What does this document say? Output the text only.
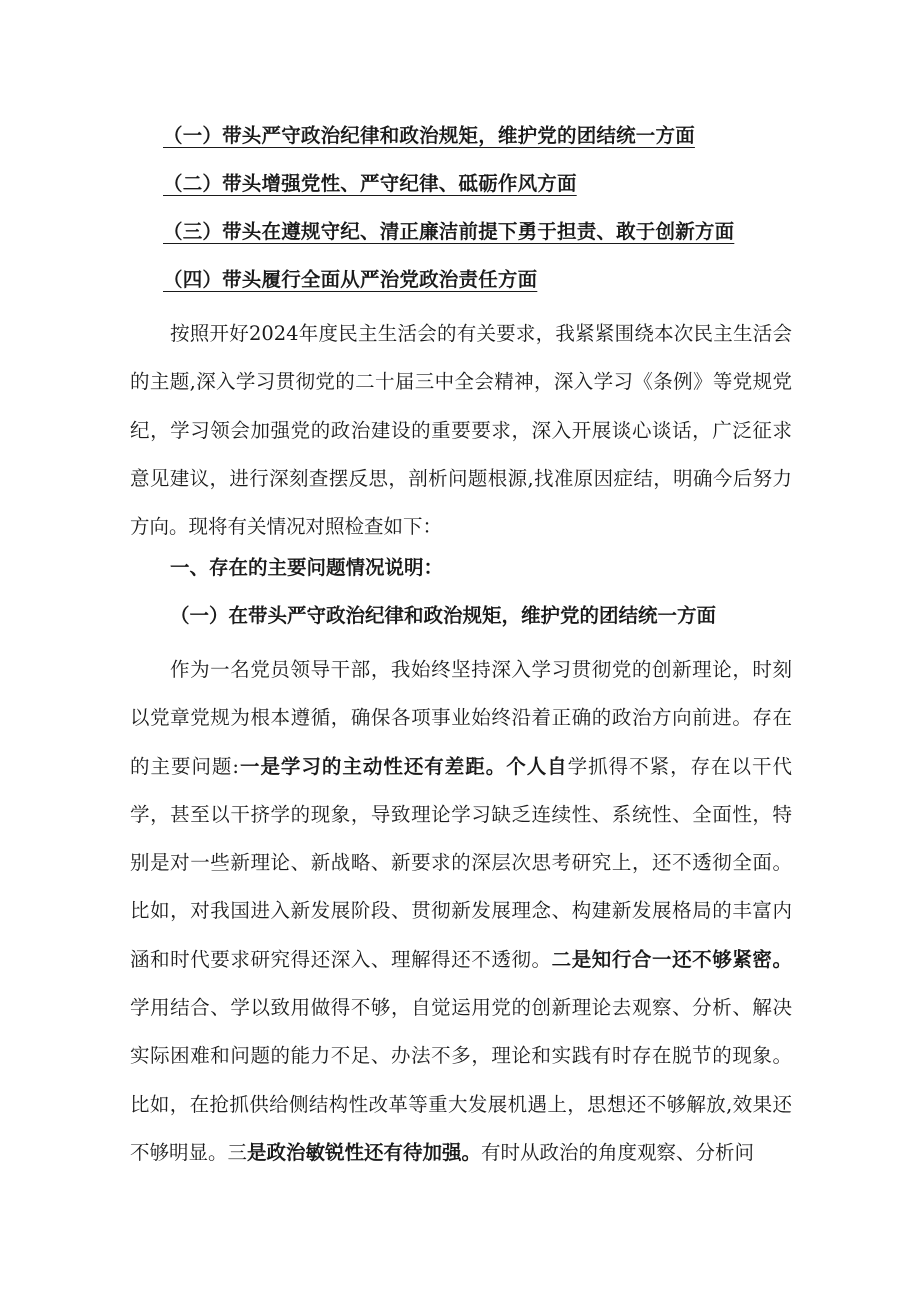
（一）带头严守政治纪律和政治规矩，维护党的团结统一方面
（二）带头增强党性、严守纪律、砥砺作风方面
（三）带头在遵规守纪、清正廉洁前提下勇于担责、敢于创新方面
（四）带头履行全面从严治党政治责任方面
按照开好2024年度民主生活会的有关要求，我紧紧围绕本次民主生活会的主题,深入学习贯彻党的二十届三中全会精神，深入学习《条例》等党规党纪，学习领会加强党的政治建设的重要要求，深入开展谈心谈话，广泛征求意见建议，进行深刻查摆反思，剖析问题根源,找准原因症结，明确今后努力方向。现将有关情况对照检查如下：
一、存在的主要问题情况说明：
（一）在带头严守政治纪律和政治规矩，维护党的团结统一方面
作为一名党员领导干部，我始终坚持深入学习贯彻党的创新理论，时刻以党章党规为根本遵循，确保各项事业始终沿着正确的政治方向前进。存在的主要问题:一是学习的主动性还有差距。个人自学抓得不紧，存在以干代学，甚至以干挤学的现象，导致理论学习缺乏连续性、系统性、全面性，特别是对一些新理论、新战略、新要求的深层次思考研究上，还不透彻全面。比如，对我国进入新发展阶段、贯彻新发展理念、构建新发展格局的丰富内涵和时代要求研究得还深入、理解得还不透彻。二是知行合一还不够紧密。学用结合、学以致用做得不够，自觉运用党的创新理论去观察、分析、解决实际困难和问题的能力不足、办法不多，理论和实践有时存在脱节的现象。比如，在抢抓供给侧结构性改革等重大发展机遇上，思想还不够解放,效果还不够明显。三是政治敏锐性还有待加强。有时从政治的角度观察、分析问
